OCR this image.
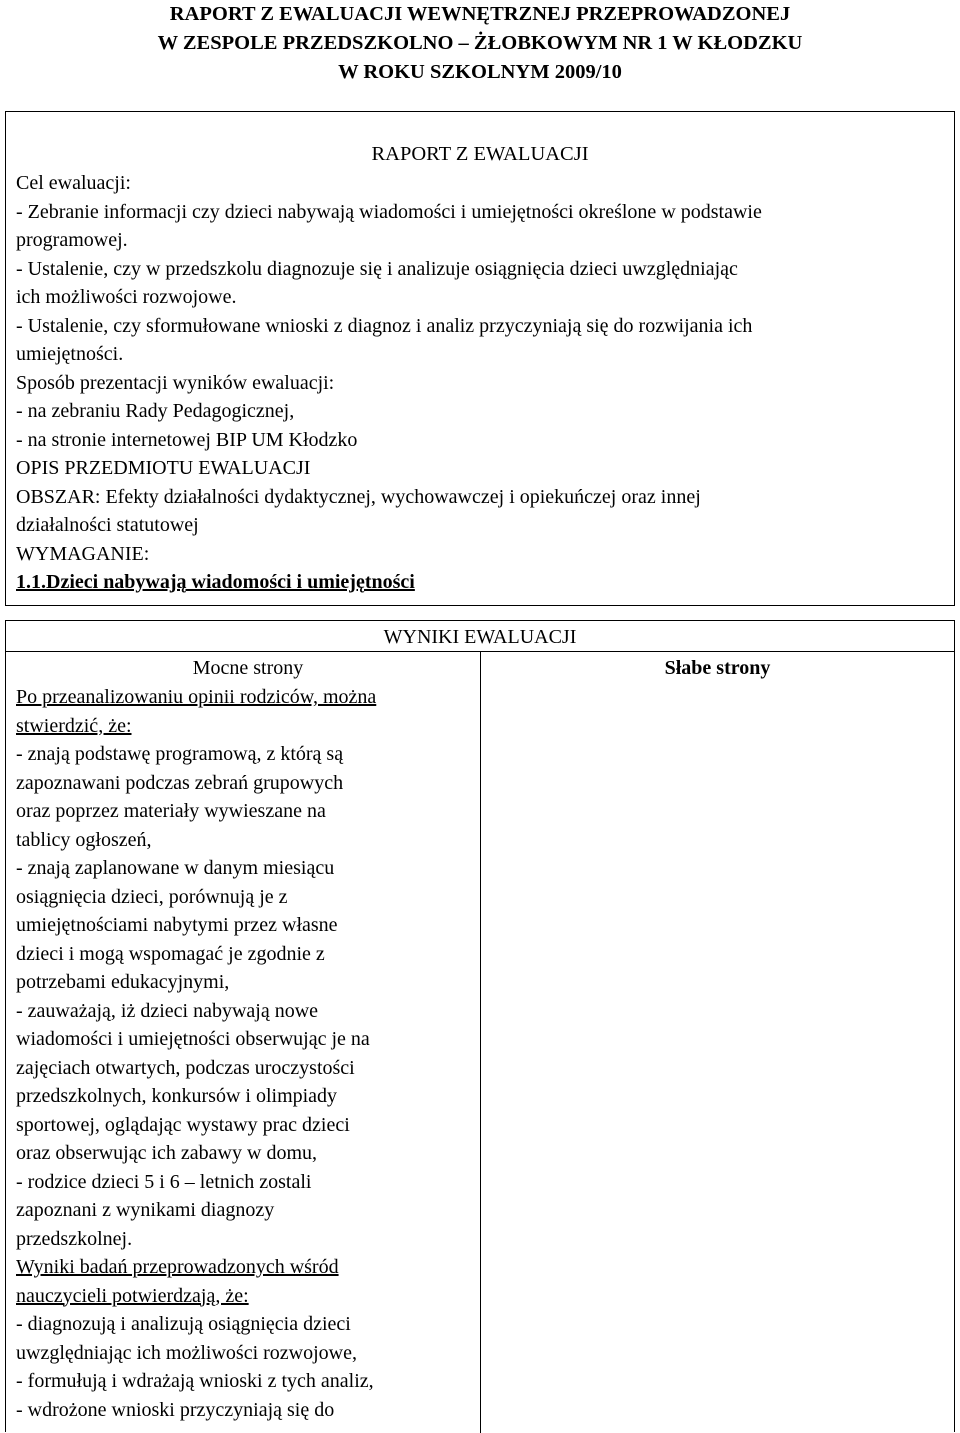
RAPORT Z EWALUACJI WEWNĘTRZNEJ PRZEPROWADZONEJ
W ZESPOLE PRZEDSZKOLNO – ŻŁOBKOWYM NR 1 W KŁODZKU
W ROKU SZKOLNYM 2009/10
RAPORT Z EWALUACJI
Cel ewaluacji:
- Zebranie informacji czy dzieci nabywają wiadomości i umiejętności określone w podstawie
programowej.
- Ustalenie, czy w przedszkolu diagnozuje się i analizuje osiągnięcia dzieci uwzględniając
ich możliwości rozwojowe.
- Ustalenie, czy sformułowane wnioski z diagnoz i analiz przyczyniają się do rozwijania ich
umiejętności.
Sposób prezentacji wyników ewaluacji:
- na zebraniu Rady Pedagogicznej,
- na stronie internetowej BIP UM Kłodzko
OPIS PRZEDMIOTU EWALUACJI
OBSZAR: Efekty działalności dydaktycznej, wychowawczej i opiekuńczej oraz innej
działalności statutowej
WYMAGANIE:
1.1.Dzieci nabywają wiadomości i umiejętności
WYNIKI EWALUACJI
Mocne strony
Po przeanalizowaniu opinii rodziców, można
stwierdzić, że:
- znają podstawę programową, z którą są
zapoznawani podczas zebrań grupowych
oraz poprzez materiały wywieszane na
tablicy ogłoszeń,
- znają zaplanowane w danym miesiącu
osiągnięcia dzieci, porównują je z
umiejętnościami nabytymi przez własne
dzieci i mogą wspomagać je zgodnie z
potrzebami edukacyjnymi,
- zauważają, iż dzieci nabywają nowe
wiadomości i umiejętności obserwując je na
zajęciach otwartych, podczas uroczystości
przedszkolnych, konkursów i olimpiady
sportowej, oglądając wystawy prac dzieci
oraz obserwując ich zabawy w domu,
- rodzice dzieci 5 i 6 – letnich zostali
zapoznani z wynikami diagnozy
przedszkolnej.
Wyniki badań przeprowadzonych wśród
nauczycieli potwierdzają, że:
- diagnozują i analizują osiągnięcia dzieci
uwzględniając ich możliwości rozwojowe,
- formułują i wdrażają wnioski z tych analiz,
- wdrożone wnioski przyczyniają się do
Słabe strony
